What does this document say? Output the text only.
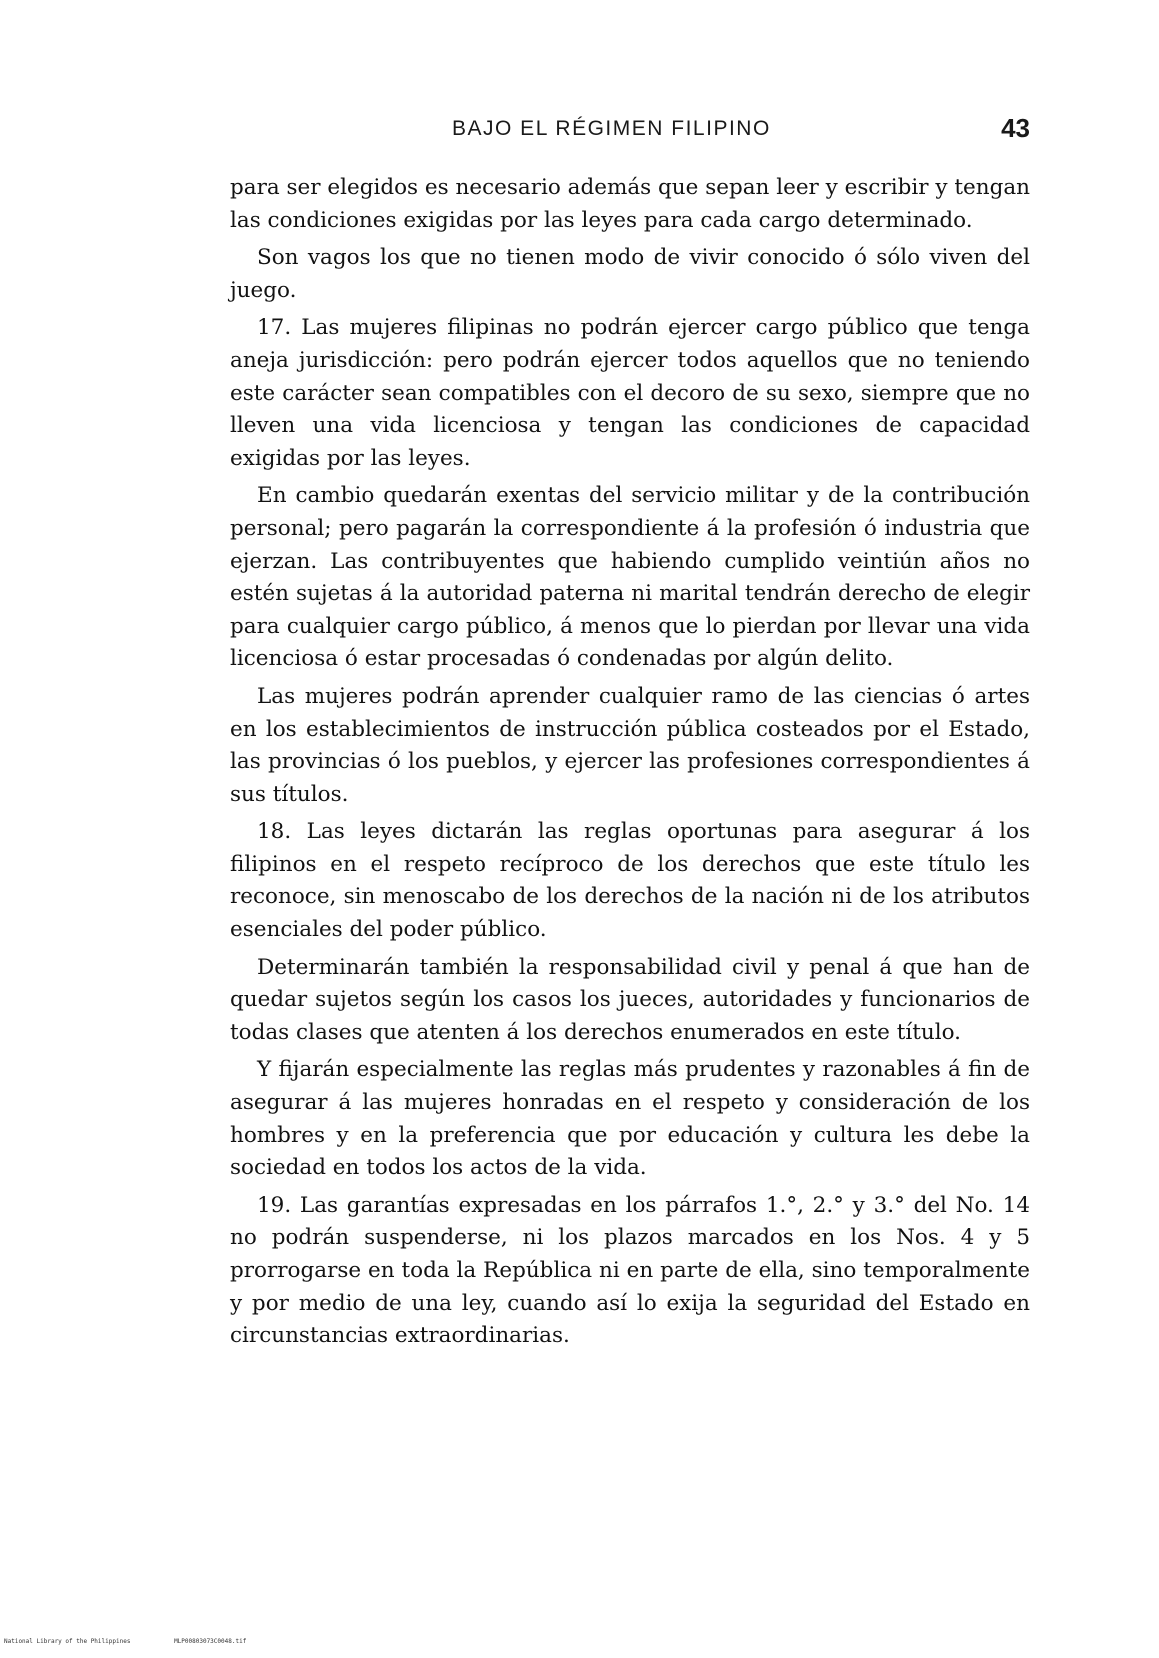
BAJO EL RÉGIMEN FILIPINO	43

para ser elegidos es necesario además que sepan leer y escribir y tengan las condiciones exigidas por las leyes para cada cargo determinado.

Son vagos los que no tienen modo de vivir conocido ó sólo viven del juego.

17. Las mujeres filipinas no podrán ejercer cargo público que tenga aneja jurisdicción: pero podrán ejercer todos aquellos que no teniendo este carácter sean compatibles con el decoro de su sexo, siempre que no lleven una vida licenciosa y tengan las condiciones de capacidad exigidas por las leyes.

En cambio quedarán exentas del servicio militar y de la contribución personal; pero pagarán la correspondiente á la profesión ó industria que ejerzan. Las contribuyentes que habiendo cumplido veintiún años no estén sujetas á la autoridad paterna ni marital tendrán derecho de elegir para cualquier cargo público, á menos que lo pierdan por llevar una vida licenciosa ó estar procesadas ó condenadas por algún delito.

Las mujeres podrán aprender cualquier ramo de las ciencias ó artes en los establecimientos de instrucción pública costeados por el Estado, las provincias ó los pueblos, y ejercer las profesiones correspondientes á sus títulos.

18. Las leyes dictarán las reglas oportunas para asegurar á los filipinos en el respeto recíproco de los derechos que este título les reconoce, sin menoscabo de los derechos de la nación ni de los atributos esenciales del poder público.

Determinarán también la responsabilidad civil y penal á que han de quedar sujetos según los casos los jueces, autoridades y funcionarios de todas clases que atenten á los derechos enumerados en este título.

Y fijarán especialmente las reglas más prudentes y razonables á fin de asegurar á las mujeres honradas en el respeto y consideración de los hombres y en la preferencia que por educación y cultura les debe la sociedad en todos los actos de la vida.

19. Las garantías expresadas en los párrafos 1.°, 2.° y 3.° del No. 14 no podrán suspenderse, ni los plazos marcados en los Nos. 4 y 5 prorrogarse en toda la República ni en parte de ella, sino temporalmente y por medio de una ley, cuando así lo exija la seguridad del Estado en circunstancias extraordinarias.

National Library of the Philippines	MLP00803073C0048.tif
